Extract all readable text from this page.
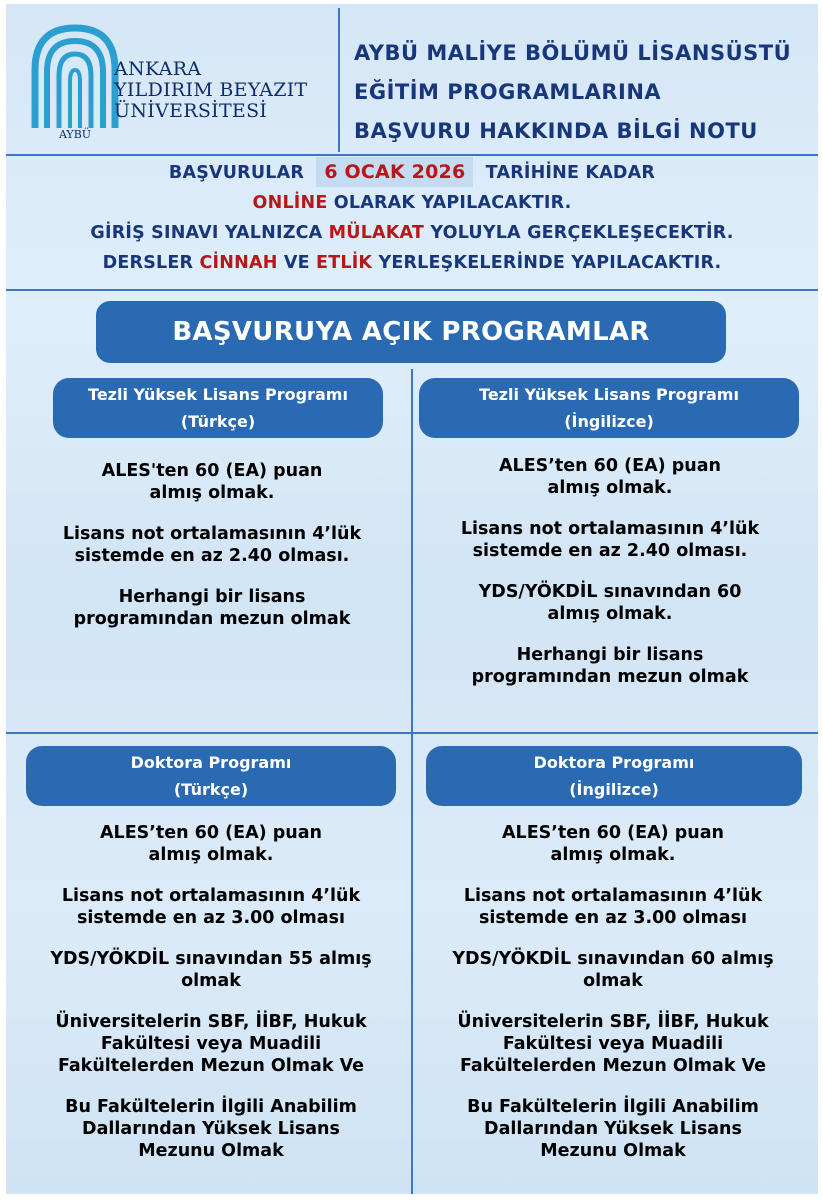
AYBÜ
ANKARA
YILDIRIM BEYAZIT
ÜNİVERSİTESİ
AYBÜ MALİYE BÖLÜMÜ LİSANSÜSTÜ
EĞİTİM PROGRAMLARINA
BAŞVURU HAKKINDA BİLGİ NOTU
BAŞVURULAR 6 OCAK 2026 TARİHİNE KADAR
ONLİNE OLARAK YAPILACAKTIR.
GİRİŞ SINAVI YALNIZCA MÜLAKAT YOLUYLA GERÇEKLEŞECEKTİR.
DERSLER CİNNAH VE ETLİK YERLEŞKELERİNDE YAPILACAKTIR.
BAŞVURUYA AÇIK PROGRAMLAR
Tezli Yüksek Lisans Programı
(Türkçe)
ALES'ten 60 (EA) puan
almış olmak.
Lisans not ortalamasının 4’lük
sistemde en az 2.40 olması.
Herhangi bir lisans
programından mezun olmak
Tezli Yüksek Lisans Programı
(İngilizce)
ALES’ten 60 (EA) puan
almış olmak.
Lisans not ortalamasının 4’lük
sistemde en az 2.40 olması.
YDS/YÖKDİL sınavından 60
almış olmak.
Herhangi bir lisans
programından mezun olmak
Doktora Programı
(Türkçe)
ALES’ten 60 (EA) puan
almış olmak.
Lisans not ortalamasının 4’lük
sistemde en az 3.00 olması
YDS/YÖKDİL sınavından 55 almış
olmak
Üniversitelerin SBF, İİBF, Hukuk
Fakültesi veya Muadili
Fakültelerden Mezun Olmak Ve
Bu Fakültelerin İlgili Anabilim
Dallarından Yüksek Lisans
Mezunu Olmak
Doktora Programı
(İngilizce)
ALES’ten 60 (EA) puan
almış olmak.
Lisans not ortalamasının 4’lük
sistemde en az 3.00 olması
YDS/YÖKDİL sınavından 60 almış
olmak
Üniversitelerin SBF, İİBF, Hukuk
Fakültesi veya Muadili
Fakültelerden Mezun Olmak Ve
Bu Fakültelerin İlgili Anabilim
Dallarından Yüksek Lisans
Mezunu Olmak
